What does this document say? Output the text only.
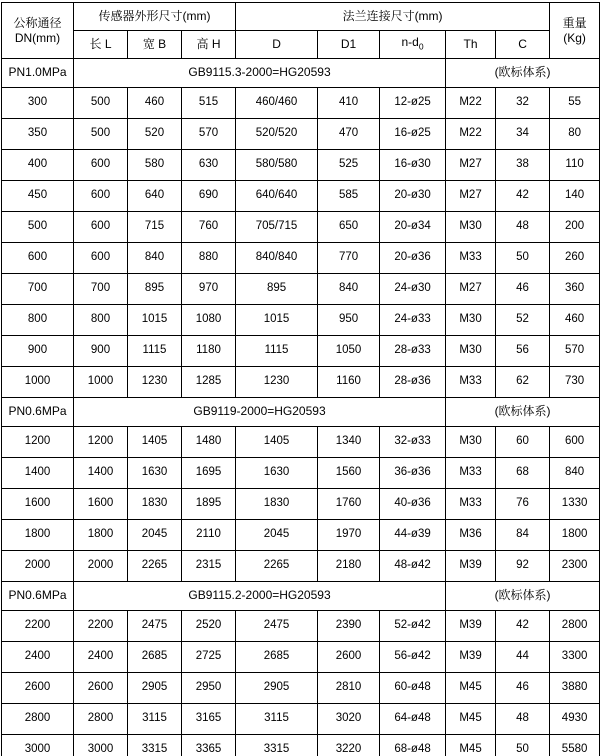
公称通径
DN(mm)	传感器外形尺寸(mm)			法兰连接尺寸(mm)					重量
(Kg)

	长 L	宽 B	高 H	D	D1	$n-d_0$	Th	C	
PN1.0MPa	GB9115.3-2000=HG20593						(欧标体系)		
300	500	460	515	460/460	410	12-ø25	M22	32	55
350	500	520	570	520/520	470	16-ø25	M22	34	80
400	600	580	630	580/580	525	16-ø30	M27	38	110
450	600	640	690	640/640	585	20-ø30	M27	42	140
500	600	715	760	705/715	650	20-ø34	M30	48	200
600	600	840	880	840/840	770	20-ø36	M33	50	260
700	700	895	970	895	840	24-ø30	M27	46	360
800	800	1015	1080	1015	950	24-ø33	M30	52	460
900	900	1115	1180	1115	1050	28-ø33	M30	56	570
1000	1000	1230	1285	1230	1160	28-ø36	M33	62	730
PN0.6MPa	GB9119-2000=HG20593						(欧标体系)		
1200	1200	1405	1480	1405	1340	32-ø33	M30	60	600
1400	1400	1630	1695	1630	1560	36-ø36	M33	68	840
1600	1600	1830	1895	1830	1760	40-ø36	M33	76	1330
1800	1800	2045	2110	2045	1970	44-ø39	M36	84	1800
2000	2000	2265	2315	2265	2180	48-ø42	M39	92	2300
PN0.6MPa	GB9115.2-2000=HG20593						(欧标体系)		
2200	2200	2475	2520	2475	2390	52-ø42	M39	42	2800
2400	2400	2685	2725	2685	2600	56-ø42	M39	44	3300
2600	2600	2905	2950	2905	2810	60-ø48	M45	46	3880
2800	2800	3115	3165	3115	3020	64-ø48	M45	48	4930
3000	3000	3315	3365	3315	3220	68-ø48	M45	50	5580
